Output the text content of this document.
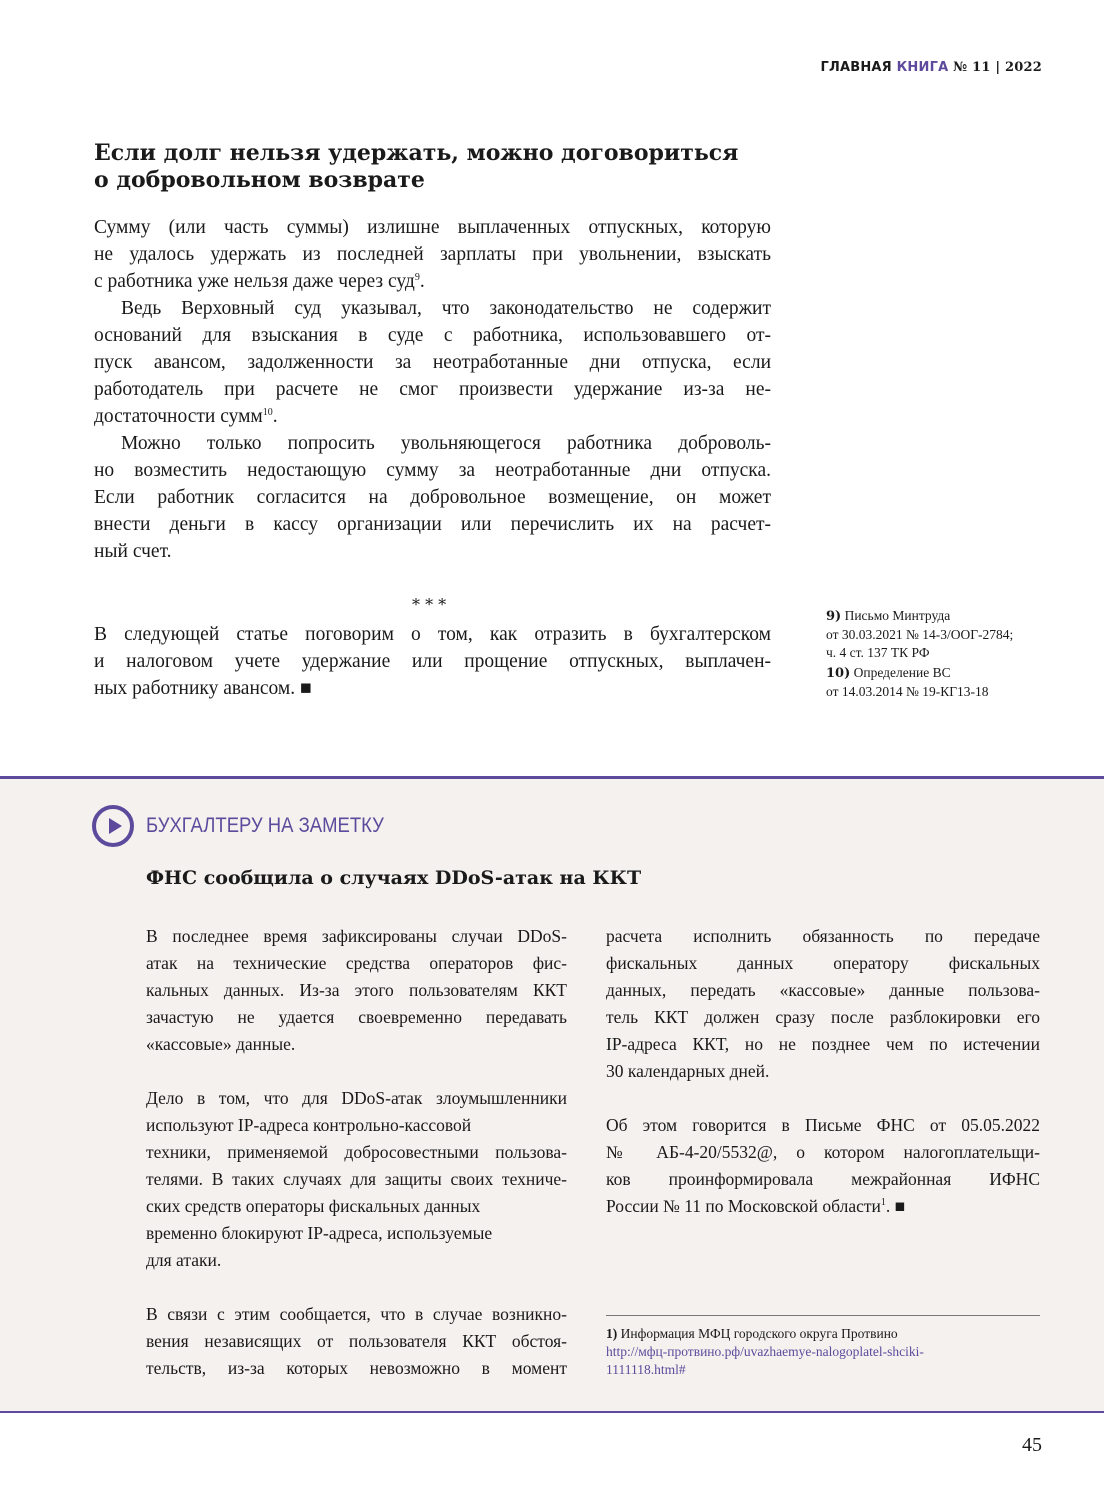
ГЛАВНАЯ КНИГА № 11 | 2022
Если долг нельзя удержать, можно договориться
о добровольном возврате
Сумму (или часть суммы) излишне выплаченных отпускных, которую
не удалось удержать из последней зарплаты при увольнении, взыскать
с работника уже нельзя даже через суд$^9$.
Ведь Верховный суд указывал, что законодательство не содержит
оснований для взыскания в суде с работника, использовавшего от-
пуск авансом, задолженности за неотработанные дни отпуска, если
работодатель при расчете не смог произвести удержание из-за не-
достаточности сумм$^{10}$.
Можно только попросить увольняющегося работника доброволь-
но возместить недостающую сумму за неотработанные дни отпуска.
Если работник согласится на добровольное возмещение, он может
внести деньги в кассу организации или перечислить их на расчет-
ный счет.
* * *
В следующей статье поговорим о том, как отразить в бухгалтерском
и налоговом учете удержание или прощение отпускных, выплачен-
ных работнику авансом. ■
9) Письмо Минтруда
от 30.03.2021 № 14-3/ООГ-2784;
ч. 4 ст. 137 ТК РФ
10) Определение ВС
от 14.03.2014 № 19-КГ13-18
БУХГАЛТЕРУ НА ЗАМЕТКУ
ФНС сообщила о случаях DDoS-атак на ККТ
В последнее время зафиксированы случаи DDoS-
атак на технические средства операторов фис-
кальных данных. Из-за этого пользователям ККТ
зачастую не удается своевременно передавать
«кассовые» данные.
Дело в том, что для DDoS-атак злоумышленники
используют IP-адреса контрольно-кассовой
техники, применяемой добросовестными пользова-
телями. В таких случаях для защиты своих техниче-
ских средств операторы фискальных данных
временно блокируют IP-адреса, используемые
для атаки.
В связи с этим сообщается, что в случае возникно-
вения независящих от пользователя ККТ обстоя-
тельств, из-за которых невозможно в момент
расчета исполнить обязанность по передаче
фискальных данных оператору фискальных
данных, передать «кассовые» данные пользова-
тель ККТ должен сразу после разблокировки его
IP-адреса ККТ, но не позднее чем по истечении
30 календарных дней.
Об этом говорится в Письме ФНС от 05.05.2022
№ АБ-4-20/5532@, о котором налогоплательщи-
ков проинформировала межрайонная ИФНС
России № 11 по Московской области$^1$. ■
1) Информация МФЦ городского округа Протвино
http://мфц-протвино.рф/uvazhaemye-nalogoplatel-shciki-
1111118.html#
45
